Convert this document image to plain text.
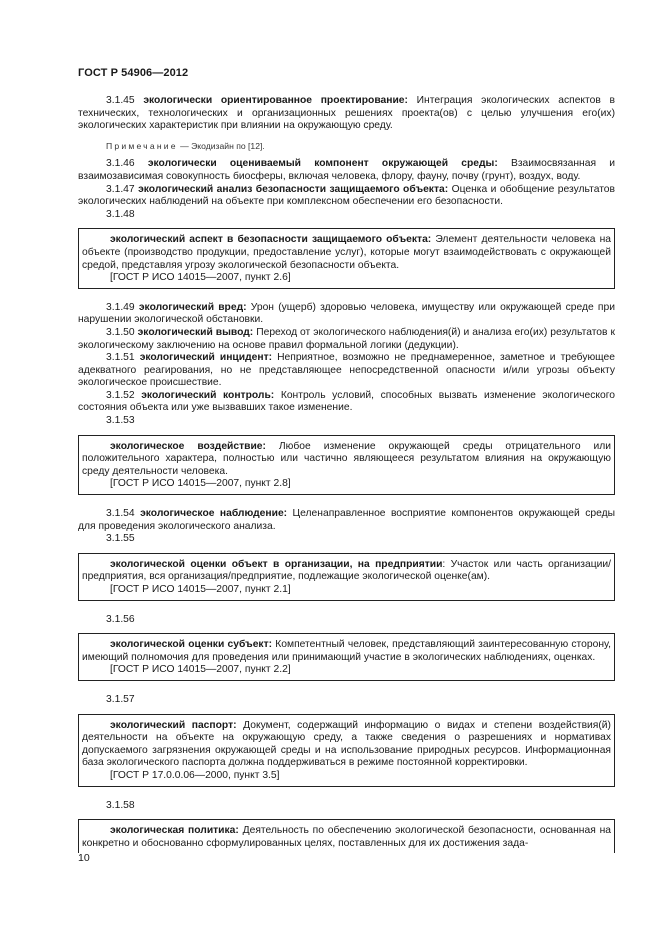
ГОСТ Р 54906—2012

3.1.45 экологически ориентированное проектирование: Интеграция экологических аспектов в технических, технологических и организационных решениях проекта(ов) с целью улучшения его(их) экологических характеристик при влиянии на окружающую среду.

Примечание — Экодизайн по [12].

3.1.46 экологически оцениваемый компонент окружающей среды: Взаимосвязанная и взаимозависимая совокупность биосферы, включая человека, флору, фауну, почву (грунт), воздух, воду.

3.1.47 экологический анализ безопасности защищаемого объекта: Оценка и обобщение результатов экологических наблюдений на объекте при комплексном обеспечении его безопасности.

3.1.48

экологический аспект в безопасности защищаемого объекта: Элемент деятельности человека на объекте (производство продукции, предоставление услуг), которые могут взаимодействовать с окружающей средой, представляя угрозу экологической безопасности объекта.

[ГОСТ Р ИСО 14015—2007, пункт 2.6]

3.1.49 экологический вред: Урон (ущерб) здоровью человека, имуществу или окружающей среде при нарушении экологической обстановки.

3.1.50 экологический вывод: Переход от экологического наблюдения(й) и анализа его(их) результатов к экологическому заключению на основе правил формальной логики (дедукции).

3.1.51 экологический инцидент: Неприятное, возможно не преднамеренное, заметное и требующее адекватного реагирования, но не представляющее непосредственной опасности и/или угрозы объекту экологическое происшествие.

3.1.52 экологический контроль: Контроль условий, способных вызвать изменение экологического состояния объекта или уже вызвавших такое изменение.

3.1.53

экологическое воздействие: Любое изменение окружающей среды отрицательного или положительного характера, полностью или частично являющееся результатом влияния на окружающую среду деятельности человека.

[ГОСТ Р ИСО 14015—2007, пункт 2.8]

3.1.54 экологическое наблюдение: Целенаправленное восприятие компонентов окружающей среды для проведения экологического анализа.

3.1.55

экологической оценки объект в организации, на предприятии: Участок или часть организации/предприятия, вся организация/предприятие, подлежащие экологической оценке(ам).

[ГОСТ Р ИСО 14015—2007, пункт 2.1]

3.1.56

экологической оценки субъект: Компетентный человек, представляющий заинтересованную сторону, имеющий полномочия для проведения или принимающий участие в экологических наблюдениях, оценках.

[ГОСТ Р ИСО 14015—2007, пункт 2.2]

3.1.57

экологический паспорт: Документ, содержащий информацию о видах и степени воздействия(й) деятельности на объекте на окружающую среду, а также сведения о разрешениях и нормативах допускаемого загрязнения окружающей среды и на использование природных ресурсов. Информационная база экологического паспорта должна поддерживаться в режиме постоянной корректировки.

[ГОСТ Р 17.0.0.06—2000, пункт 3.5]

3.1.58

экологическая политика: Деятельность по обеспечению экологической безопасности, основанная на конкретно и обоснованно сформулированных целях, поставленных для их достижения зада-

10
